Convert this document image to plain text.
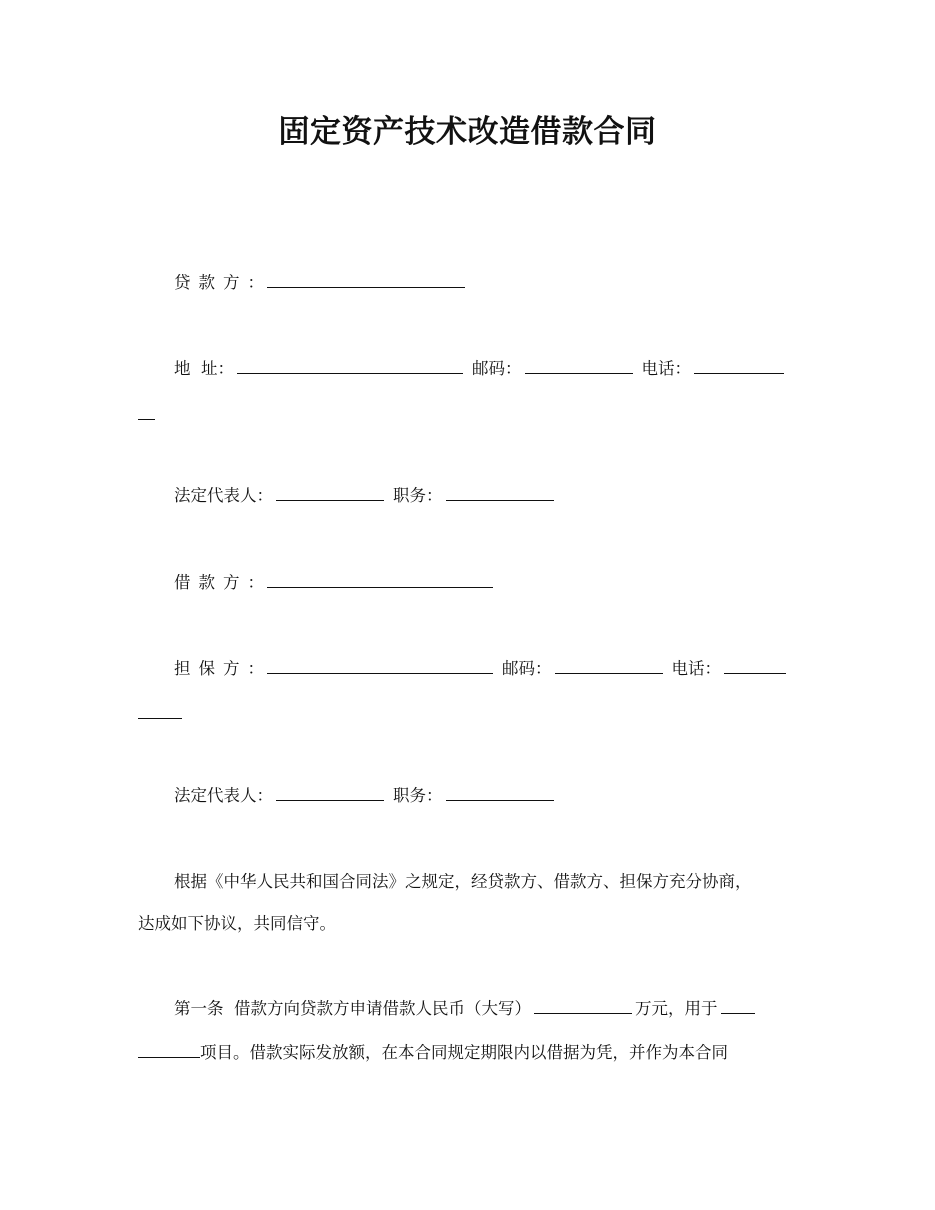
固定资产技术改造借款合同
贷款方：
地  址：	邮码：	电话：
法定代表人：	职务：
借款方：
担保方：	邮码：	电话：
法定代表人：	职务：
根据《中华人民共和国合同法》之规定，经贷款方、借款方、担保方充分协商，
达成如下协议，共同信守。
第一条  借款方向贷款方申请借款人民币（大写）	万元，用于
项目。借款实际发放额，在本合同规定期限内以借据为凭，并作为本合同
